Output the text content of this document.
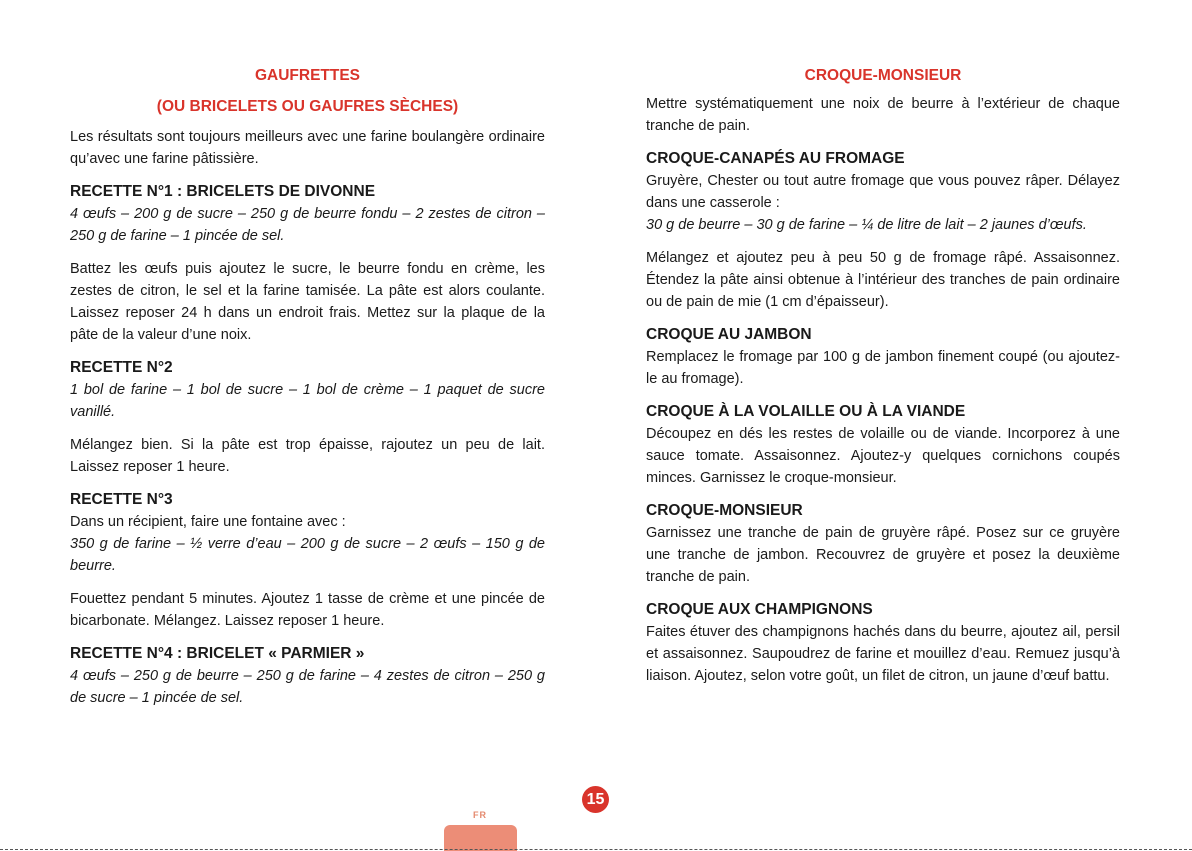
GAUFRETTES
(OU BRICELETS OU GAUFRES SÈCHES)

Les résultats sont toujours meilleurs avec une farine boulangère ordinaire qu’avec une farine pâtissière.

RECETTE N°1 : BRICELETS DE DIVONNE

4 œufs – 200 g de sucre – 250 g de beurre fondu – 2 zestes de citron – 250 g de farine – 1 pincée de sel.

Battez les œufs puis ajoutez le sucre, le beurre fondu en crème, les zestes de citron, le sel et la farine tamisée. La pâte est alors coulante. Laissez reposer 24 h dans un endroit frais. Mettez sur la plaque de la pâte de la valeur d’une noix.

RECETTE N°2

1 bol de farine – 1 bol de sucre – 1 bol de crème – 1 paquet de sucre vanillé.

Mélangez bien. Si la pâte est trop épaisse, rajoutez un peu de lait. Laissez reposer 1 heure.

RECETTE N°3

Dans un récipient, faire une fontaine avec :

350 g de farine – ½ verre d’eau – 200 g de sucre – 2 œufs – 150 g de beurre.

Fouettez pendant 5 minutes. Ajoutez 1 tasse de crème et une pincée de bicarbonate. Mélangez. Laissez reposer 1 heure.

RECETTE N°4 : BRICELET « PARMIER »

4 œufs – 250 g de beurre – 250 g de farine – 4 zestes de citron – 250 g de sucre – 1 pincée de sel.

CROQUE-MONSIEUR

Mettre systématiquement une noix de beurre à l’extérieur de chaque tranche de pain.

CROQUE-CANAPÉS AU FROMAGE

Gruyère, Chester ou tout autre fromage que vous pouvez râper. Délayez dans une casserole :

30 g de beurre – 30 g de farine – ¼ de litre de lait – 2 jaunes d’œufs.

Mélangez et ajoutez peu à peu 50 g de fromage râpé. Assaisonnez. Étendez la pâte ainsi obtenue à l’intérieur des tranches de pain ordinaire ou de pain de mie (1 cm d’épaisseur).

CROQUE AU JAMBON

Remplacez le fromage par 100 g de jambon finement coupé (ou ajoutez-le au fromage).

CROQUE À LA VOLAILLE OU À LA VIANDE

Découpez en dés les restes de volaille ou de viande. Incorporez à une sauce tomate. Assaisonnez. Ajoutez-y quelques cornichons coupés minces. Garnissez le croque-monsieur.

CROQUE-MONSIEUR

Garnissez une tranche de pain de gruyère râpé. Posez sur ce gruyère une tranche de jambon. Recouvrez de gruyère et posez la deuxième tranche de pain.

CROQUE AUX CHAMPIGNONS

Faites étuver des champignons hachés dans du beurre, ajoutez ail, persil et assaisonnez. Saupoudrez de farine et mouillez d’eau. Remuez jusqu’à liaison. Ajoutez, selon votre goût, un filet de citron, un jaune d’œuf battu.

15
FR
